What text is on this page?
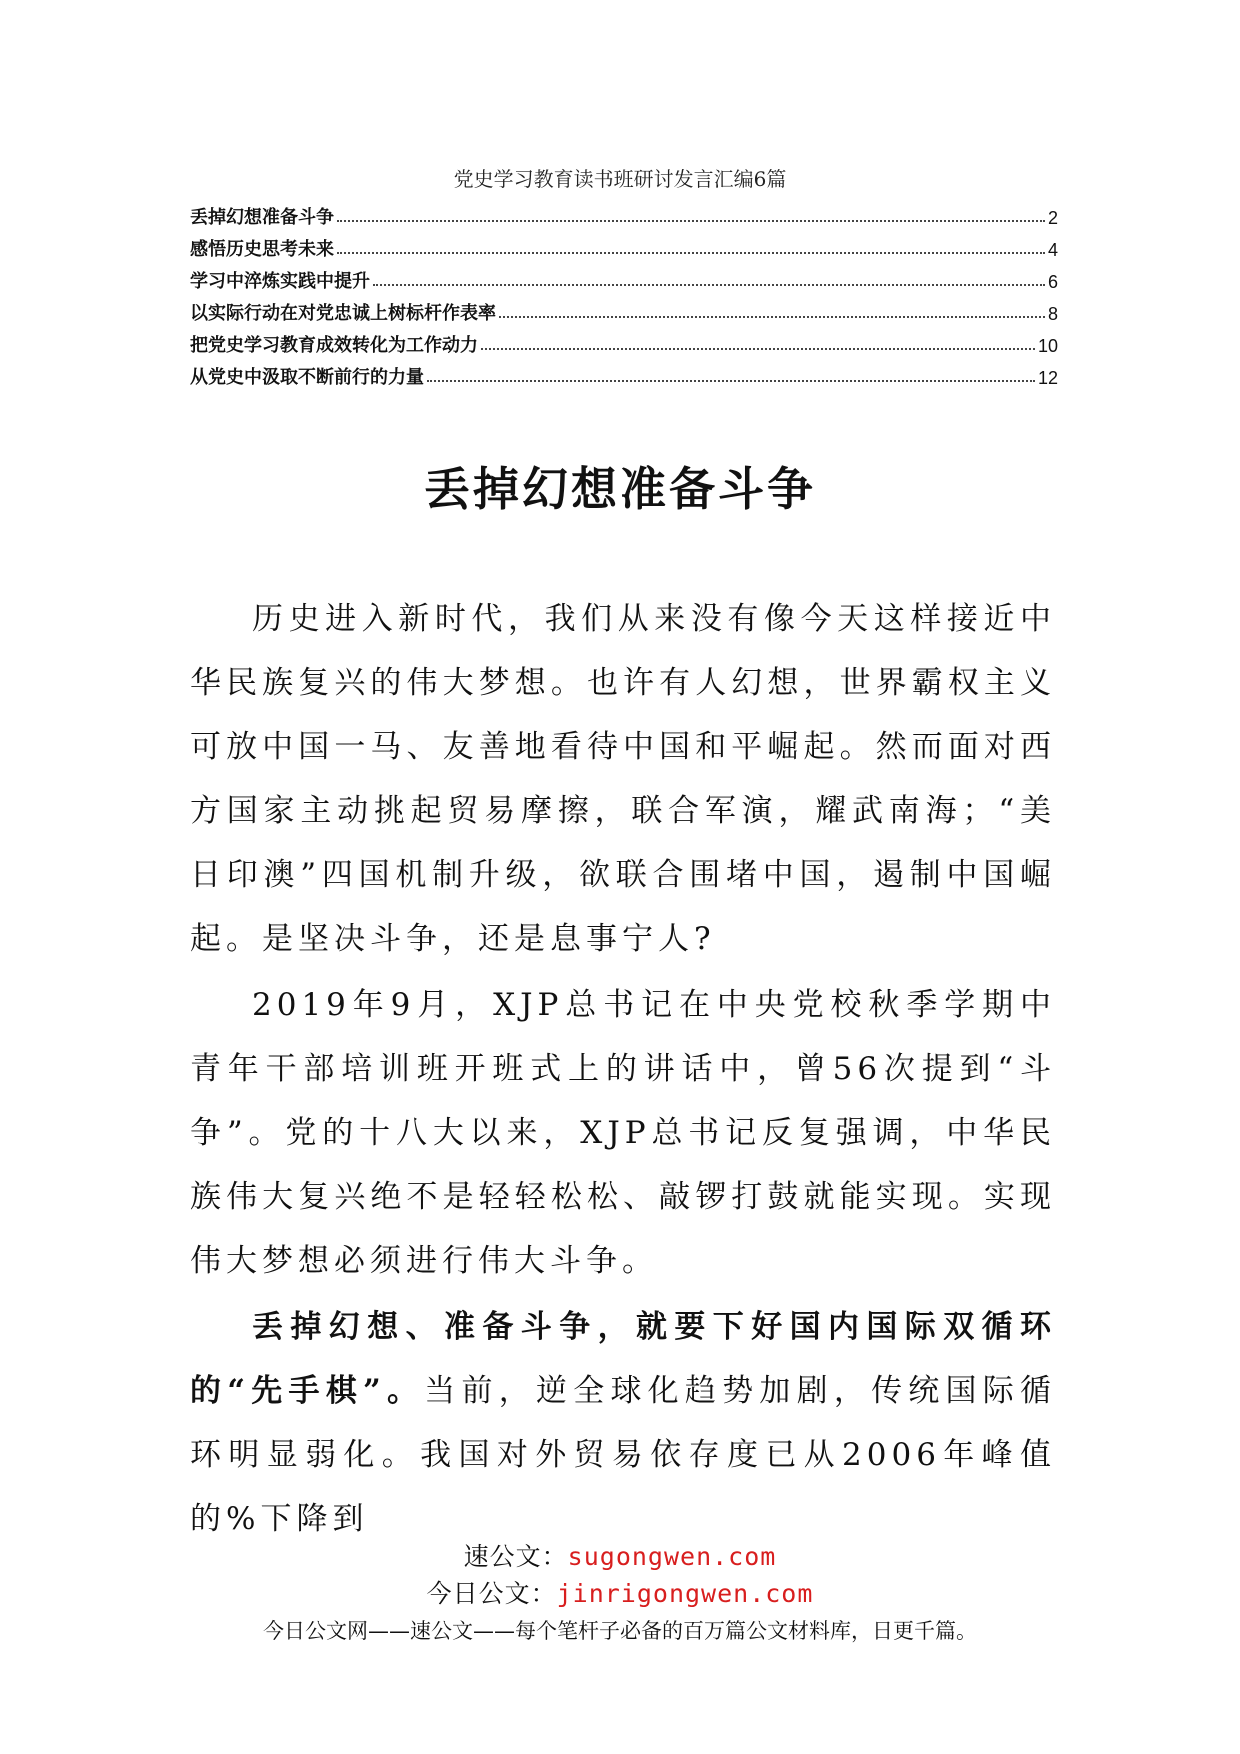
党史学习教育读书班研讨发言汇编6篇
丢掉幻想准备斗争	2
感悟历史思考未来	4
学习中淬炼实践中提升	6
以实际行动在对党忠诚上树标杆作表率	8
把党史学习教育成效转化为工作动力	10
从党史中汲取不断前行的力量	12
丢掉幻想准备斗争

历史进入新时代，我们从来没有像今天这样接近中华民族复兴的伟大梦想。也许有人幻想，世界霸权主义可放中国一马、友善地看待中国和平崛起。然而面对西方国家主动挑起贸易摩擦，联合军演，耀武南海；“美日印澳”四国机制升级，欲联合围堵中国，遏制中国崛起。是坚决斗争，还是息事宁人?

2019年9月，XJP总书记在中央党校秋季学期中青年干部培训班开班式上的讲话中，曾56次提到“斗争”。党的十八大以来，XJP总书记反复强调，中华民族伟大复兴绝不是轻轻松松、敲锣打鼓就能实现。实现伟大梦想必须进行伟大斗争。

丢掉幻想、准备斗争，就要下好国内国际双循环的“先手棋”。当前，逆全球化趋势加剧，传统国际循环明显弱化。我国对外贸易依存度已从2006年峰值的%下降到

速公文：sugongwen.com
今日公文：jinrigongwen.com
今日公文网——速公文——每个笔杆子必备的百万篇公文材料库，日更千篇。
